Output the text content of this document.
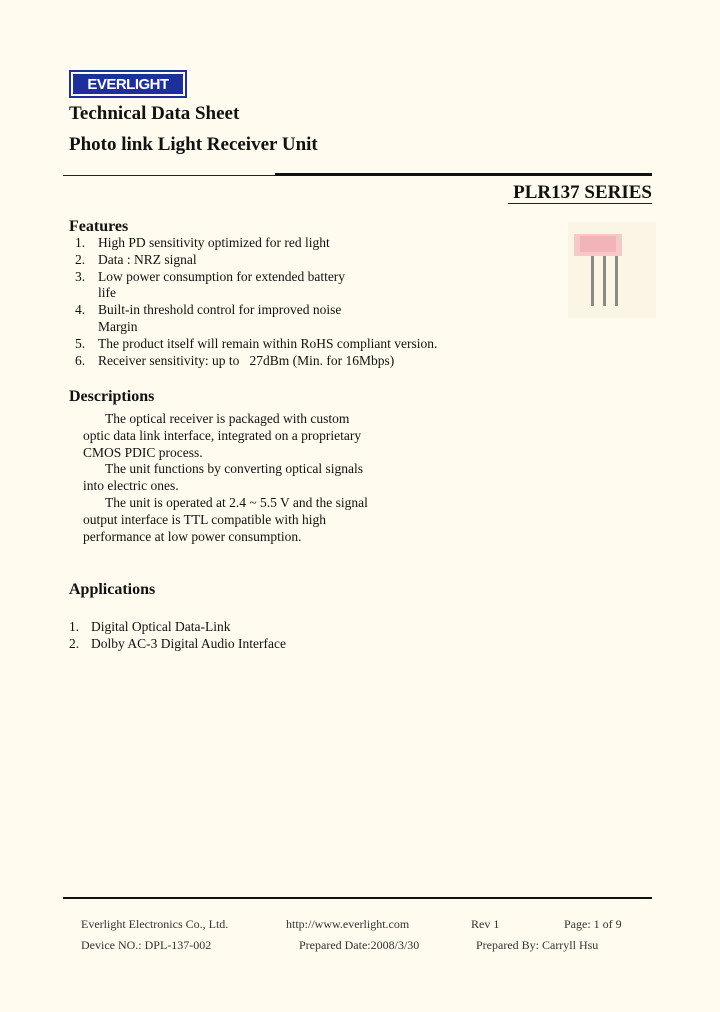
EVERLIGHT
Technical Data Sheet
Photo link Light Receiver Unit
PLR137 SERIES
Features
1. High PD sensitivity optimized for red light
2. Data : NRZ signal
3. Low power consumption for extended battery
life
4. Built-in threshold control for improved noise
Margin
5. The product itself will remain within RoHS compliant version.
6. Receiver sensitivity: up to   27dBm (Min. for 16Mbps)
Descriptions

The optical receiver is packaged with custom

optic data link interface, integrated on a proprietary

CMOS PDIC process.

The unit functions by converting optical signals

into electric ones.

The unit is operated at 2.4 ~ 5.5 V and the signal

output interface is TTL compatible with high

performance at low power consumption.

Applications
1. Digital Optical Data-Link
2. Dolby AC-3 Digital Audio Interface
Everlight Electronics Co., Ltd.	http://www.everlight.com	Rev 1	Page: 1 of 9
Device NO.: DPL-137-002	Prepared Date:2008/3/30	Prepared By: Carryll Hsu
